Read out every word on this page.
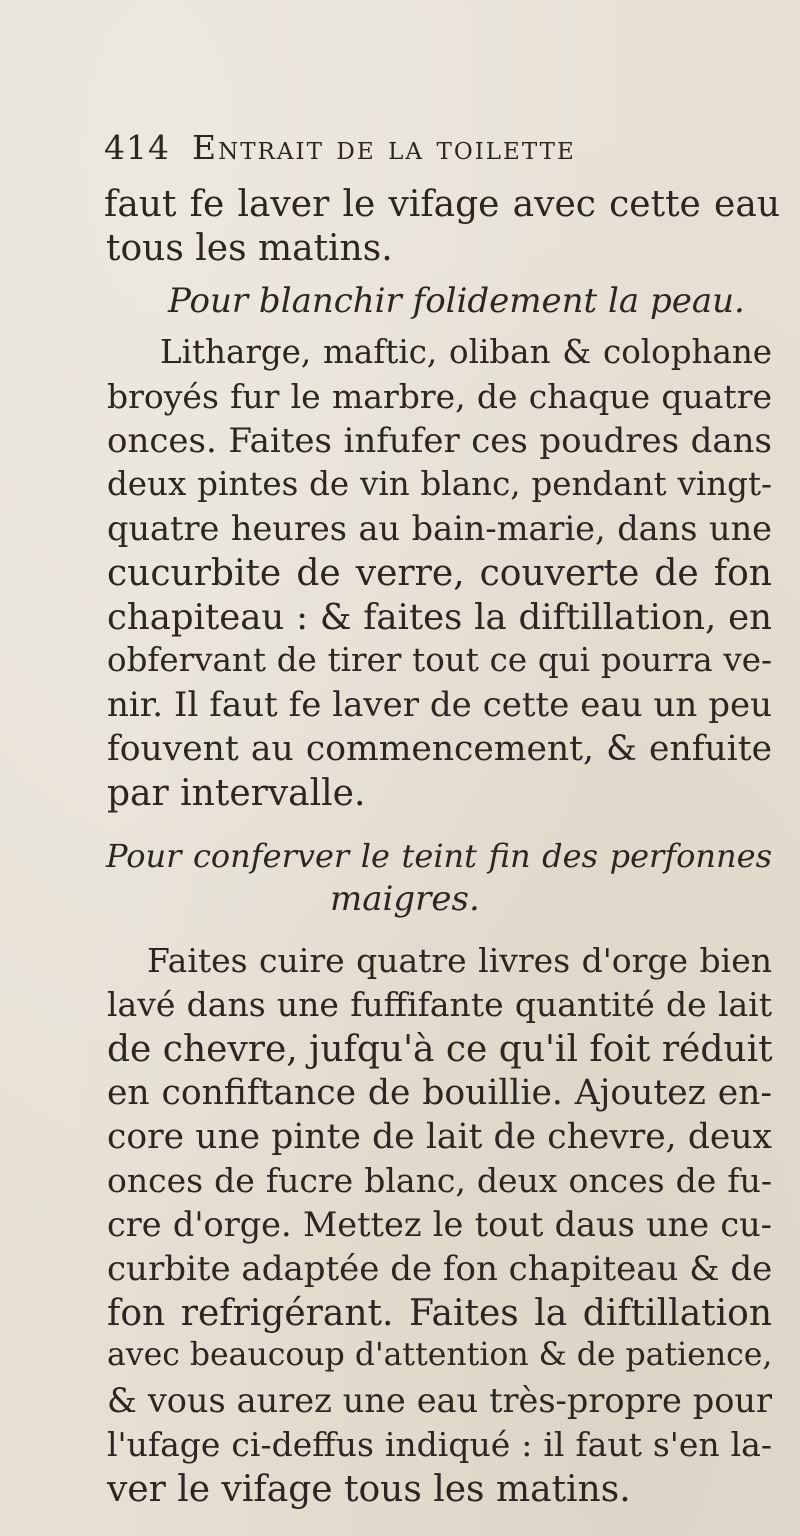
414 Entrait de la toilette
faut fe laver le vifage avec cette eau
tous les matins.
Pour blanchir folidement la peau.
Litharge, maftic, oliban & colophane
broyés fur le marbre, de chaque quatre
onces. Faites infufer ces poudres dans
deux pintes de vin blanc, pendant vingt-
quatre heures au bain-marie, dans une
cucurbite de verre, couverte de fon
chapiteau : & faites la diftillation, en
obfervant de tirer tout ce qui pourra ve-
nir. Il faut fe laver de cette eau un peu
fouvent au commencement, & enfuite
par intervalle.
Pour conferver le teint fin des perfonnes
maigres.
Faites cuire quatre livres d'orge bien
lavé dans une fuffifante quantité de lait
de chevre, jufqu'à ce qu'il foit réduit
en confiftance de bouillie. Ajoutez en-
core une pinte de lait de chevre, deux
onces de fucre blanc, deux onces de fu-
cre d'orge. Mettez le tout daus une cu-
curbite adaptée de fon chapiteau & de
fon refrigérant. Faites la diftillation
avec beaucoup d'attention & de patience,
& vous aurez une eau très-propre pour
l'ufage ci-deffus indiqué : il faut s'en la-
ver le vifage tous les matins.
